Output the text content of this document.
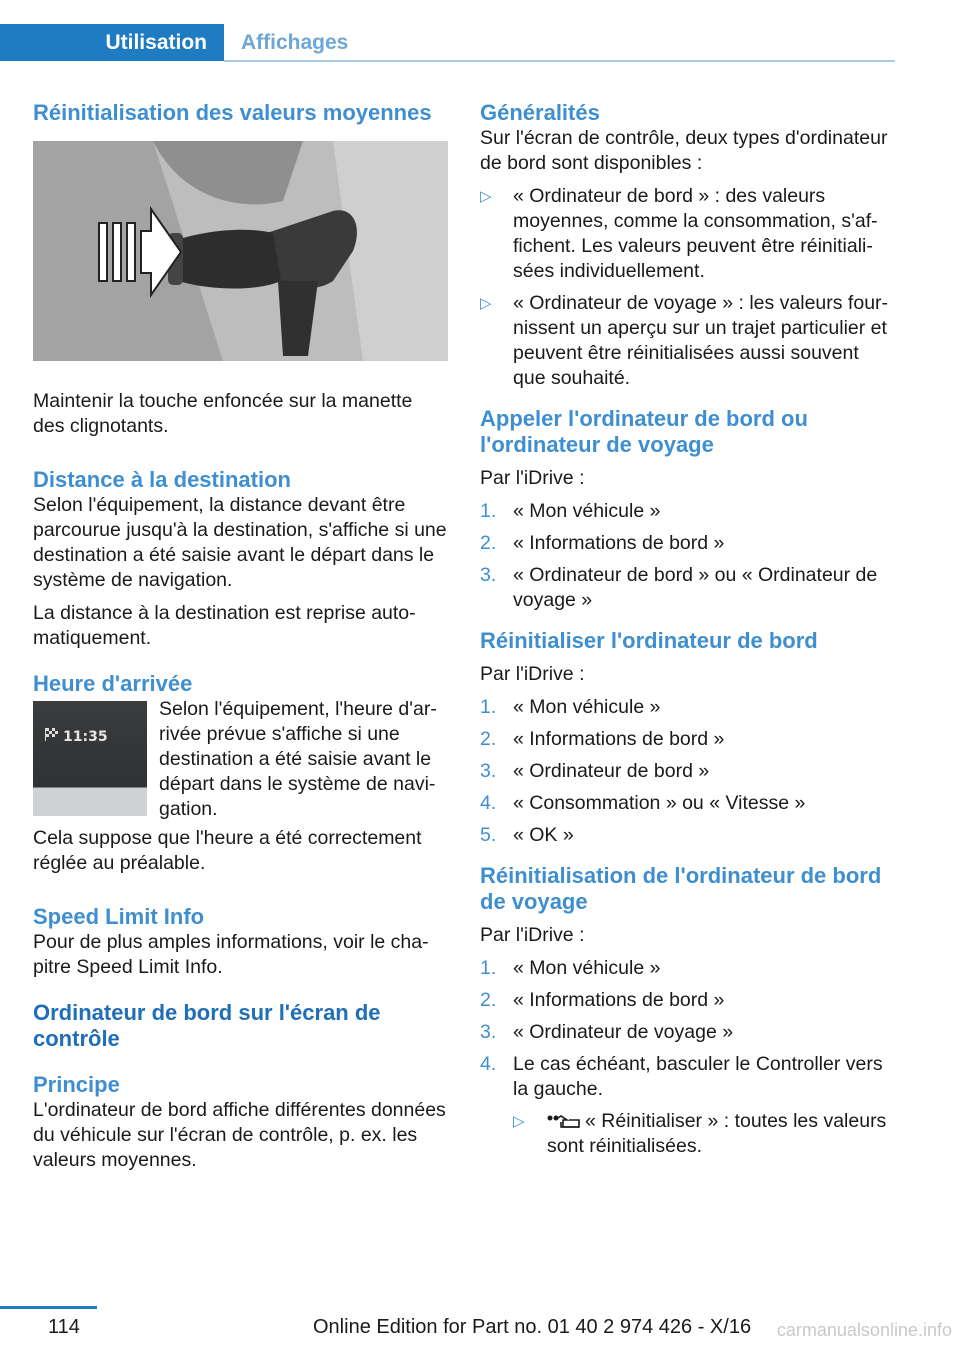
Utilisation	Affichages
Réinitialisation des valeurs moyennes

Maintenir la touche enfoncée sur la manette des clignotants.

Distance à la destination

Selon l'équipement, la distance devant être parcourue jusqu'à la destination, s'affiche si une destination a été saisie avant le départ dans le système de navigation.

La distance à la destination est reprise automatiquement.

Heure d'arrivée
11:35

Selon l'équipement, l'heure d'arrivée prévue s'affiche si une destination a été saisie avant le départ dans le système de navigation.

Cela suppose que l'heure a été correctement réglée au préalable.

Speed Limit Info

Pour de plus amples informations, voir le chapitre Speed Limit Info.

Ordinateur de bord sur l'écran de contrôle
Principe

L'ordinateur de bord affiche différentes données du véhicule sur l'écran de contrôle, p. ex. les valeurs moyennes.

Généralités

Sur l'écran de contrôle, deux types d'ordinateur de bord sont disponibles :

▷ « Ordinateur de bord » : des valeurs moyennes, comme la consommation, s'affichent. Les valeurs peuvent être réinitialisées individuellement.
▷ « Ordinateur de voyage » : les valeurs fournissent un aperçu sur un trajet particulier et peuvent être réinitialisées aussi souvent que souhaité.
Appeler l'ordinateur de bord ou l'ordinateur de voyage

Par l'iDrive :

1. « Mon véhicule »
2. « Informations de bord »
3. « Ordinateur de bord » ou « Ordinateur de voyage »
Réinitialiser l'ordinateur de bord

Par l'iDrive :

1. « Mon véhicule »
2. « Informations de bord »
3. « Ordinateur de bord »
4. « Consommation » ou « Vitesse »
5. « OK »
Réinitialisation de l'ordinateur de bord de voyage

Par l'iDrive :

1. « Mon véhicule »
2. « Informations de bord »
3. « Ordinateur de voyage »
4. Le cas échéant, basculer le Controller vers la gauche.
▷	« Réinitialiser » : toutes les valeurs sont réinitialisées.
114	Online Edition for Part no. 01 40 2 974 426 - X/16 carmanualsonline.info
